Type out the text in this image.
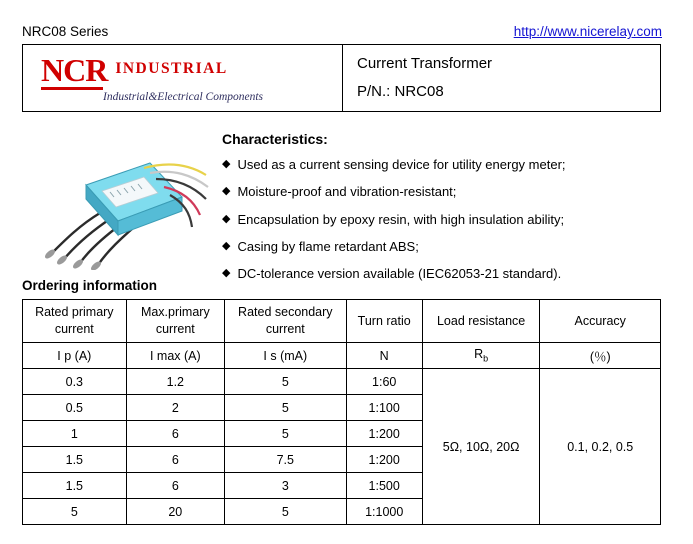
NRC08 Series	http://www.nicerelay.com
NCR INDUSTRIAL
Industrial&Electrical Components
Current Transformer
P/N.: NRC08
Characteristics:
◆ Used as a current sensing device for utility energy meter;
◆ Moisture-proof and vibration-resistant;
◆ Encapsulation by epoxy resin, with high insulation ability;
◆ Casing by flame retardant ABS;
◆ DC-tolerance version available (IEC62053-21 standard).
Ordering information
Rated primary current	Max.primary current	Rated secondary current	Turn ratio	Load resistance	Accuracy
Ι p (A)	Ι max (A)	Ι s (mA)	N	$R_b$	(％)
0.3	1.2	5	1:60	5Ω, 10Ω, 20Ω	0.1, 0.2, 0.5
0.5	2	5	1:100		
1	6	5	1:200		
1.5	6	7.5	1:200		
1.5	6	3	1:500		
5	20	5	1:1000		
